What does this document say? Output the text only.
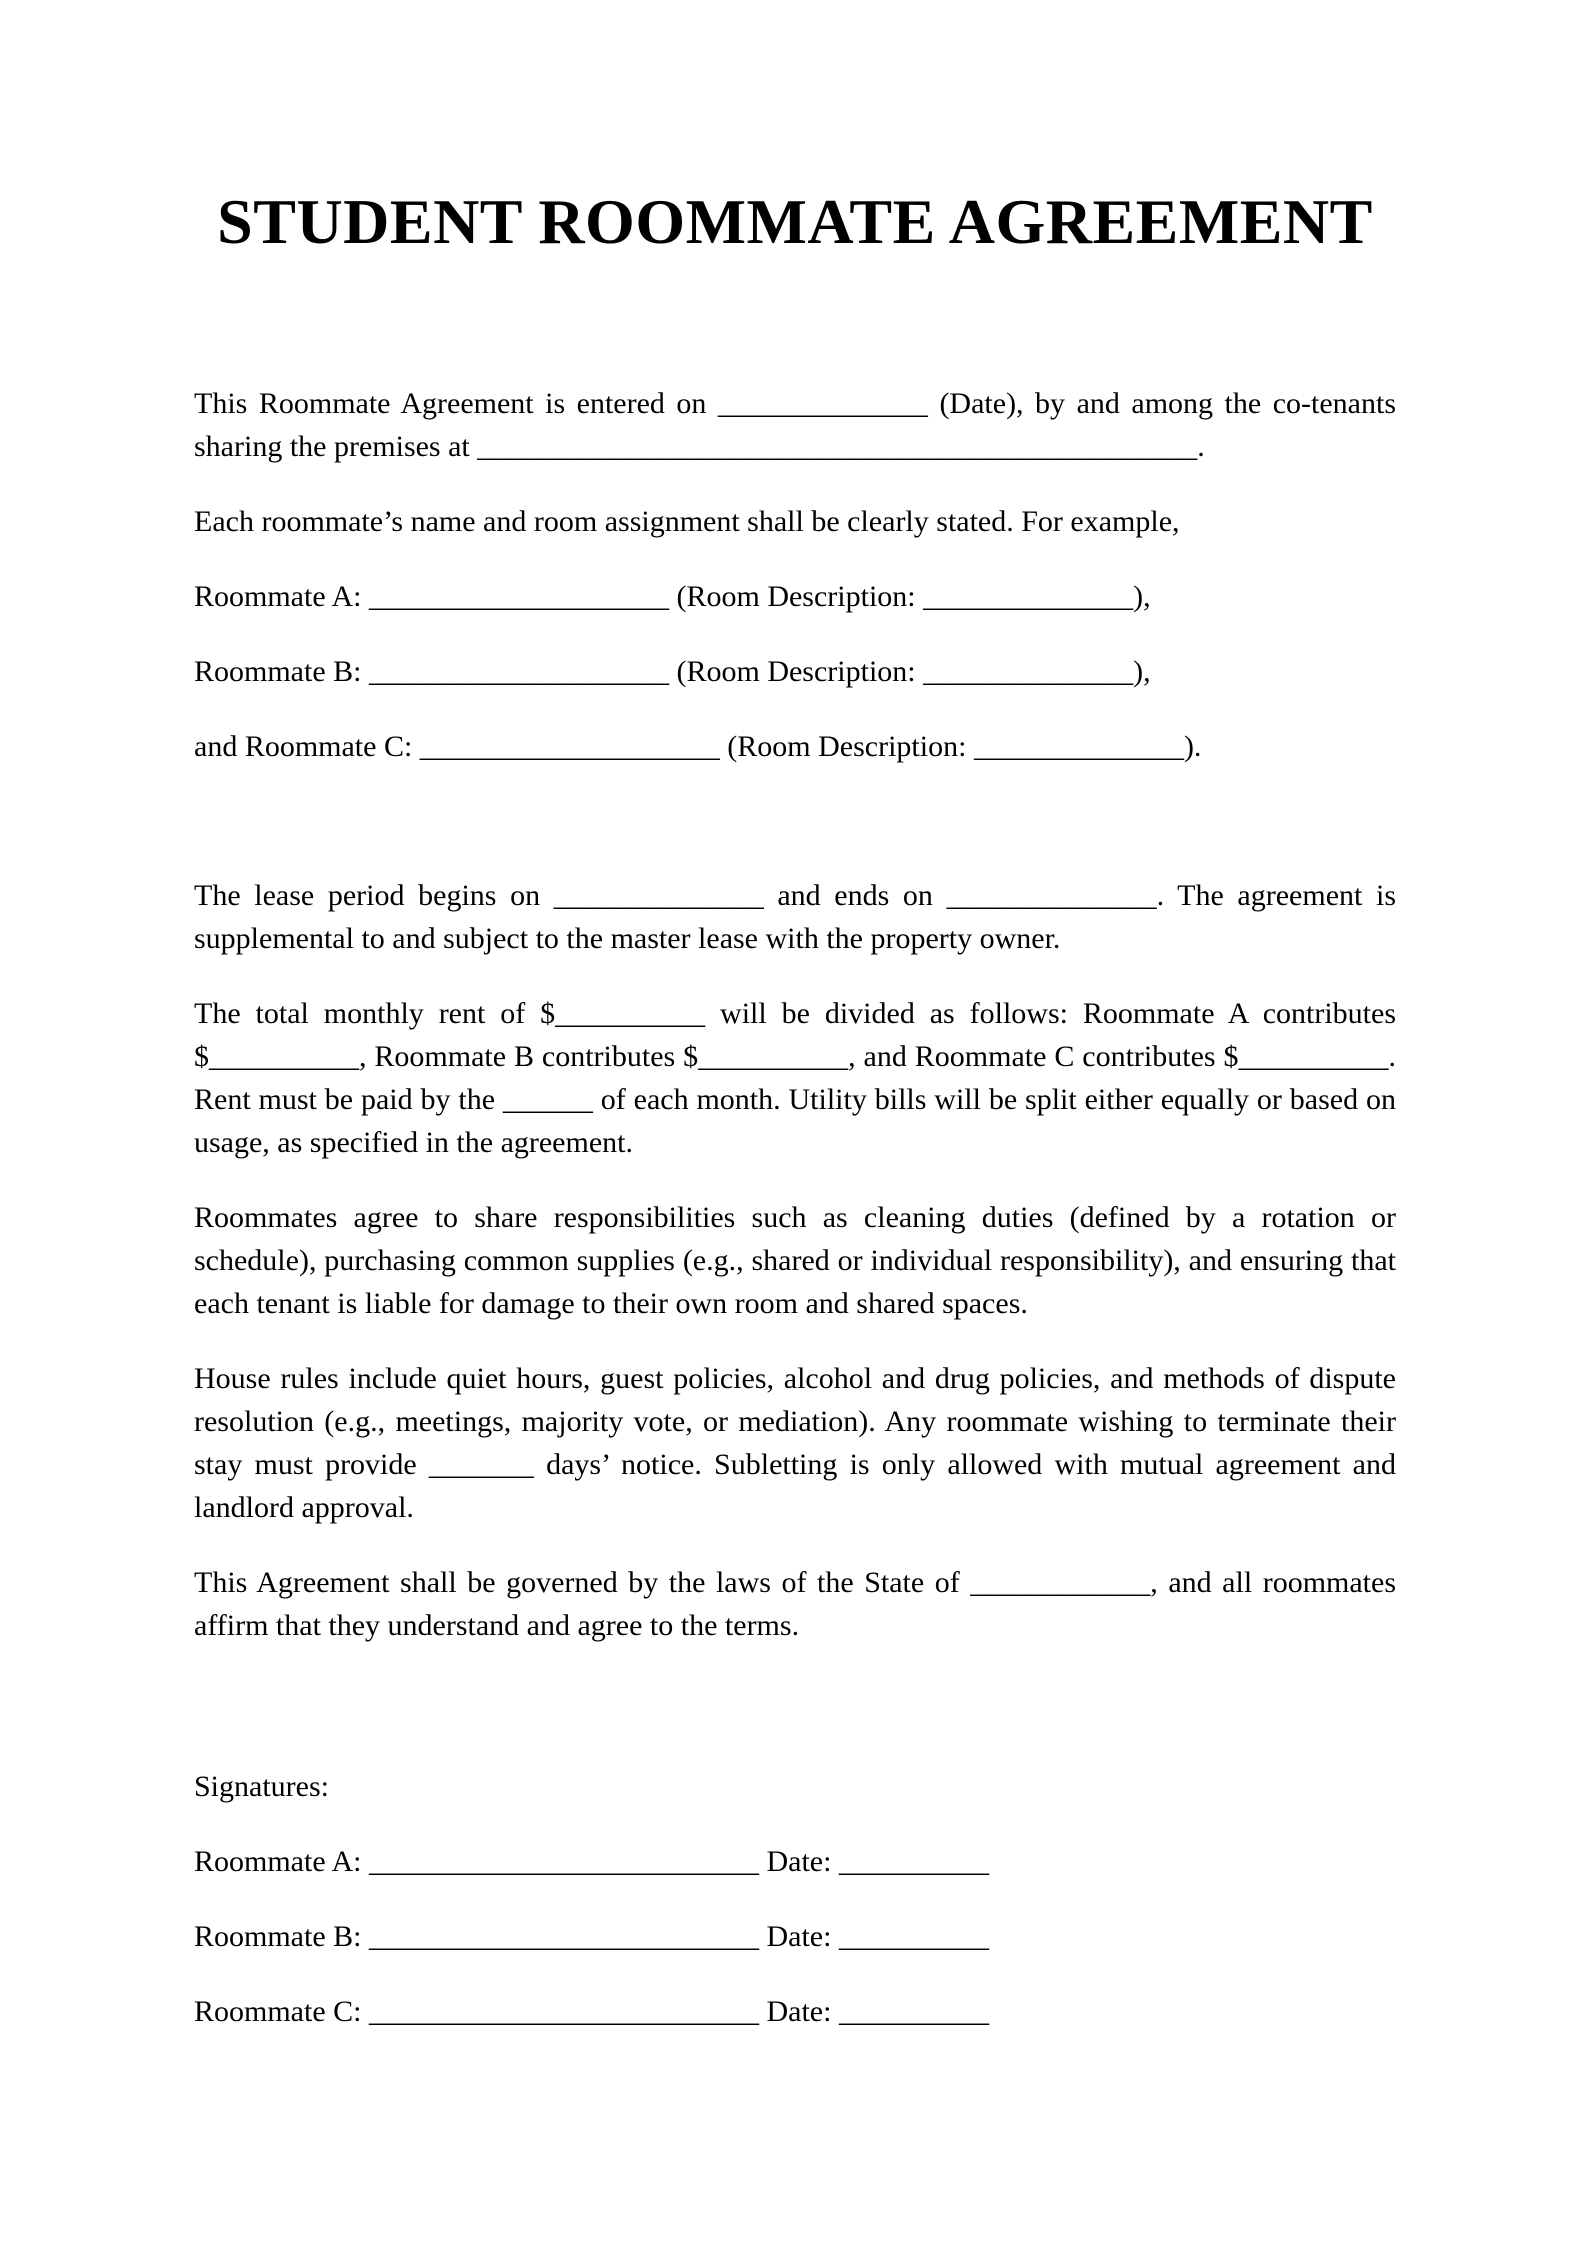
STUDENT ROOMMATE AGREEMENT

This Roommate Agreement is entered on ______________ (Date), by and among the co-tenants sharing the premises at ________________________________________________.

Each roommate’s name and room assignment shall be clearly stated. For example,

Roommate A: ____________________ (Room Description: ______________),

Roommate B: ____________________ (Room Description: ______________),

and Roommate C: ____________________ (Room Description: ______________).

The lease period begins on ______________ and ends on ______________. The agreement is supplemental to and subject to the master lease with the property owner.

The total monthly rent of $__________ will be divided as follows: Roommate A contributes $__________, Roommate B contributes $__________, and Roommate C contributes $__________. Rent must be paid by the ______ of each month. Utility bills will be split either equally or based on usage, as specified in the agreement.

Roommates agree to share responsibilities such as cleaning duties (defined by a rotation or schedule), purchasing common supplies (e.g., shared or individual responsibility), and ensuring that each tenant is liable for damage to their own room and shared spaces.

House rules include quiet hours, guest policies, alcohol and drug policies, and methods of dispute resolution (e.g., meetings, majority vote, or mediation). Any roommate wishing to terminate their stay must provide _______ days’ notice. Subletting is only allowed with mutual agreement and landlord approval.

This Agreement shall be governed by the laws of the State of ____________, and all roommates affirm that they understand and agree to the terms.

Signatures:

Roommate A: __________________________ Date: __________

Roommate B: __________________________ Date: __________

Roommate C: __________________________ Date: __________
